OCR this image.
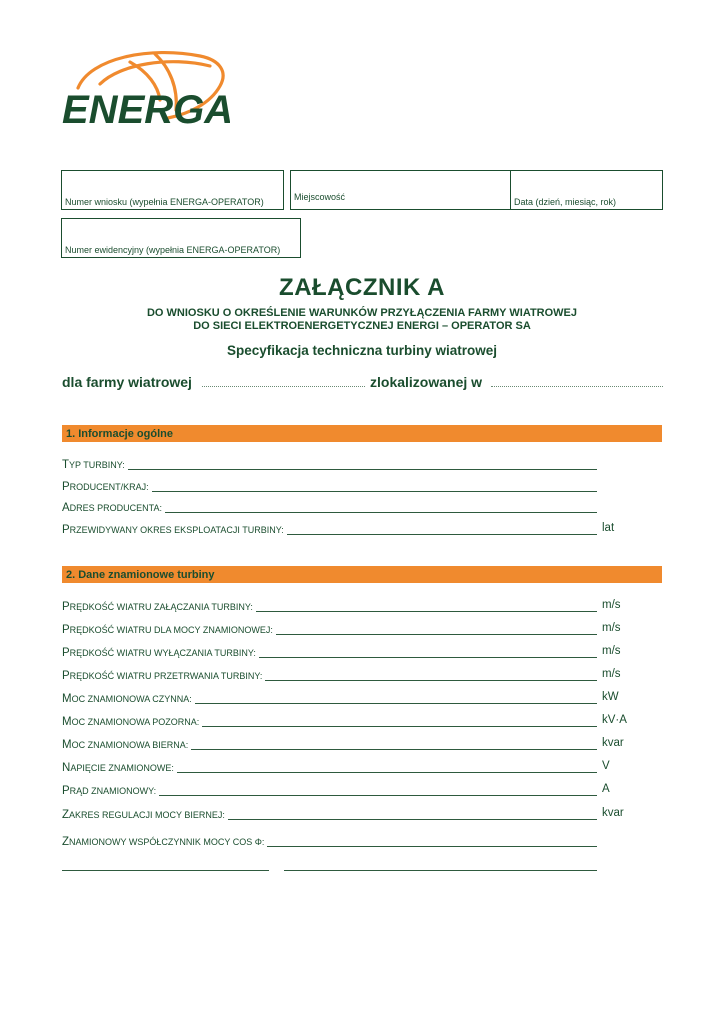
ENERGA
Numer wniosku (wypełnia ENERGA-OPERATOR)	Miejscowość	Data (dzień, miesiąc, rok)
Numer ewidencyjny (wypełnia ENERGA-OPERATOR)
ZAŁĄCZNIK A
DO WNIOSKU O OKREŚLENIE WARUNKÓW PRZYŁĄCZENIA FARMY WIATROWEJ
DO SIECI ELEKTROENERGETYCZNEJ ENERGI – OPERATOR SA
Specyfikacja techniczna turbiny wiatrowej
dla farmy wiatrowej	zlokalizowanej w
1. Informacje ogólne
TYP TURBINY:
PRODUCENT/KRAJ:
ADRES PRODUCENTA:
PRZEWIDYWANY OKRES EKSPLOATACJI TURBINY:	lat
2. Dane znamionowe turbiny
PRĘDKOŚĆ WIATRU ZAŁĄCZANIA TURBINY:	m/s
PRĘDKOŚĆ WIATRU DLA MOCY ZNAMIONOWEJ:	m/s
PRĘDKOŚĆ WIATRU WYŁĄCZANIA TURBINY:	m/s
PRĘDKOŚĆ WIATRU PRZETRWANIA TURBINY:	m/s
MOC ZNAMIONOWA CZYNNA:	kW
MOC ZNAMIONOWA POZORNA:	kV·A
MOC ZNAMIONOWA BIERNA:	kvar
NAPIĘCIE ZNAMIONOWE:	V
PRĄD ZNAMIONOWY:	A
ZAKRES REGULACJI MOCY BIERNEJ:	kvar
ZNAMIONOWY WSPÓŁCZYNNIK MOCY COS Φ:
